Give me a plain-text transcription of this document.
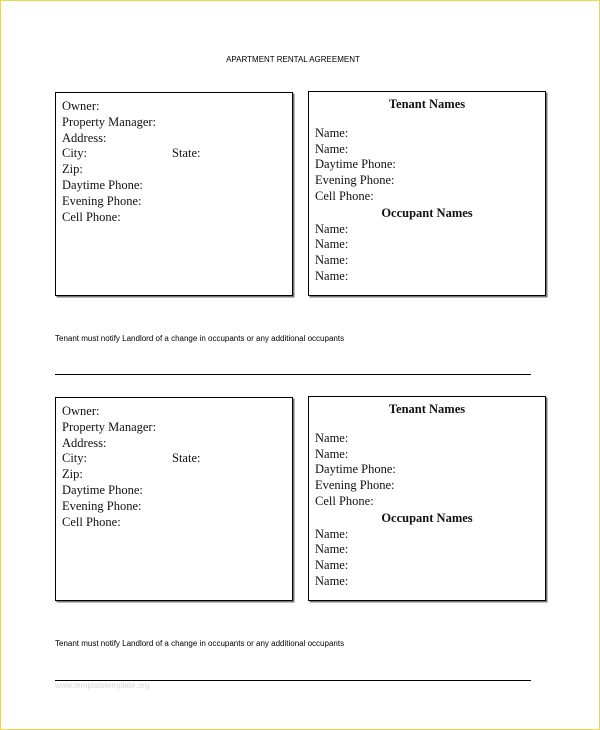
APARTMENT RENTAL AGREEMENT
Owner:
Property Manager:
Address:
City:	State:
Zip:
Daytime Phone:
Evening Phone:
Cell Phone:
Tenant Names
Name:
Name:
Daytime Phone:
Evening Phone:
Cell Phone:
Occupant Names
Name:
Name:
Name:
Name:
Tenant must notify Landlord of a change in occupants or any additional occupants
Owner:
Property Manager:
Address:
City:	State:
Zip:
Daytime Phone:
Evening Phone:
Cell Phone:
Tenant Names
Name:
Name:
Daytime Phone:
Evening Phone:
Cell Phone:
Occupant Names
Name:
Name:
Name:
Name:
Tenant must notify Landlord of a change in occupants or any additional occupants
www.templatetemplate.org
